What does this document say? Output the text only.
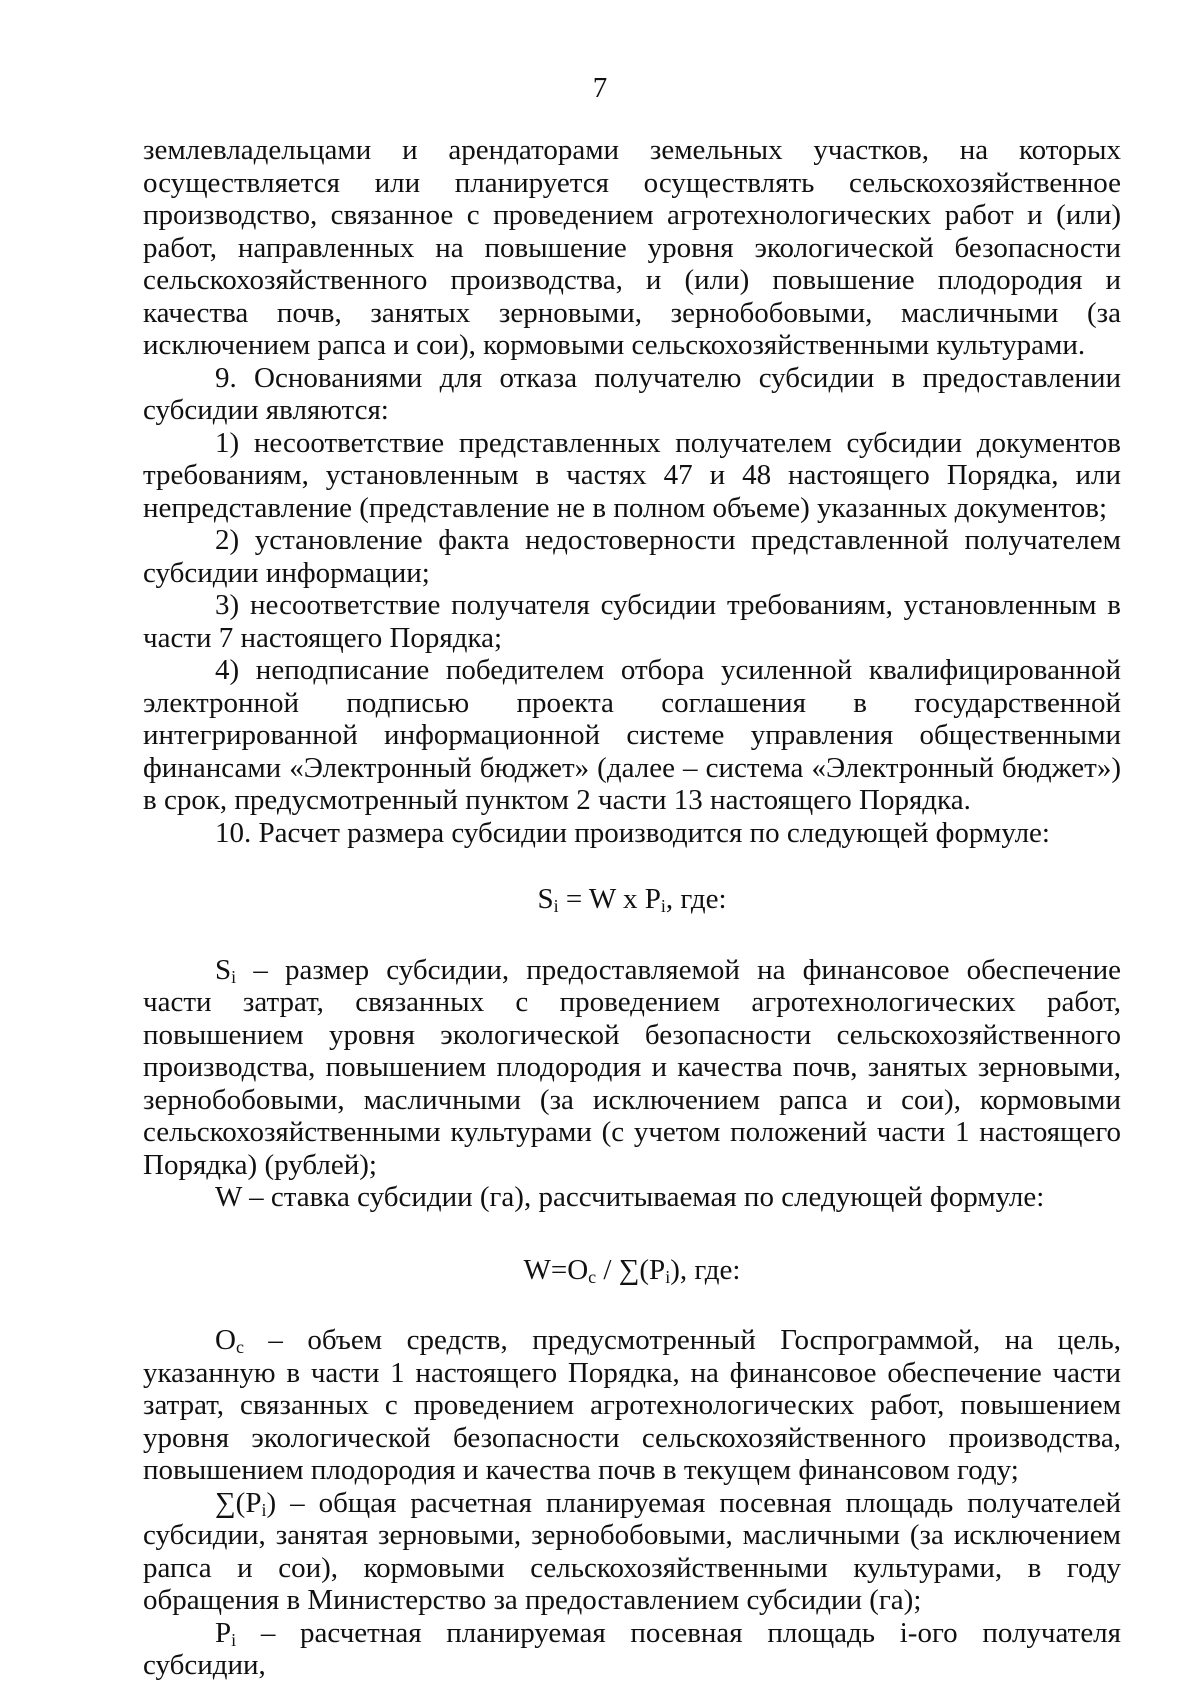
7

землевладельцами и арендаторами земельных участков, на которых осуществляется или планируется осуществлять сельскохозяйственное производство, связанное с проведением агротехнологических работ и (или) работ, направленных на повышение уровня экологической безопасности сельскохозяйственного производства, и (или) повышение плодородия и качества почв, занятых зерновыми, зернобобовыми, масличными (за исключением рапса и сои), кормовыми сельскохозяйственными культурами.

9. Основаниями для отказа получателю субсидии в предоставлении субсидии являются:

1) несоответствие представленных получателем субсидии документов требованиям, установленным в частях 47 и 48 настоящего Порядка, или непредставление (представление не в полном объеме) указанных документов;

2) установление факта недостоверности представленной получателем субсидии информации;

3) несоответствие получателя субсидии требованиям, установленным в части 7 настоящего Порядка;

4) неподписание победителем отбора усиленной квалифицированной электронной подписью проекта соглашения в государственной интегрированной информационной системе управления общественными финансами «Электронный бюджет» (далее – система «Электронный бюджет») в срок, предусмотренный пунктом 2 части 13 настоящего Порядка.

10. Расчет размера субсидии производится по следующей формуле:

$S_i = W$ x $P_i$, где:

$S_i$ – размер субсидии, предоставляемой на финансовое обеспечение части затрат, связанных с проведением агротехнологических работ, повышением уровня экологической безопасности сельскохозяйственного производства, повышением плодородия и качества почв, занятых зерновыми, зернобобовыми, масличными (за исключением рапса и сои), кормовыми сельскохозяйственными культурами (с учетом положений части 1 настоящего Порядка) (рублей);

W – ставка субсидии (га), рассчитываемая по следующей формуле:

$W=O_c / \sum(P_i)$, где:

$O_c$ – объем средств, предусмотренный Госпрограммой, на цель, указанную в части 1 настоящего Порядка, на финансовое обеспечение части затрат, связанных с проведением агротехнологических работ, повышением уровня экологической безопасности сельскохозяйственного производства, повышением плодородия и качества почв в текущем финансовом году;

$\sum(P_i)$ – общая расчетная планируемая посевная площадь получателей субсидии, занятая зерновыми, зернобобовыми, масличными (за исключением рапса и сои), кормовыми сельскохозяйственными культурами, в году обращения в Министерство за предоставлением субсидии (га);

$P_i$ – расчетная планируемая посевная площадь i-ого получателя субсидии,
